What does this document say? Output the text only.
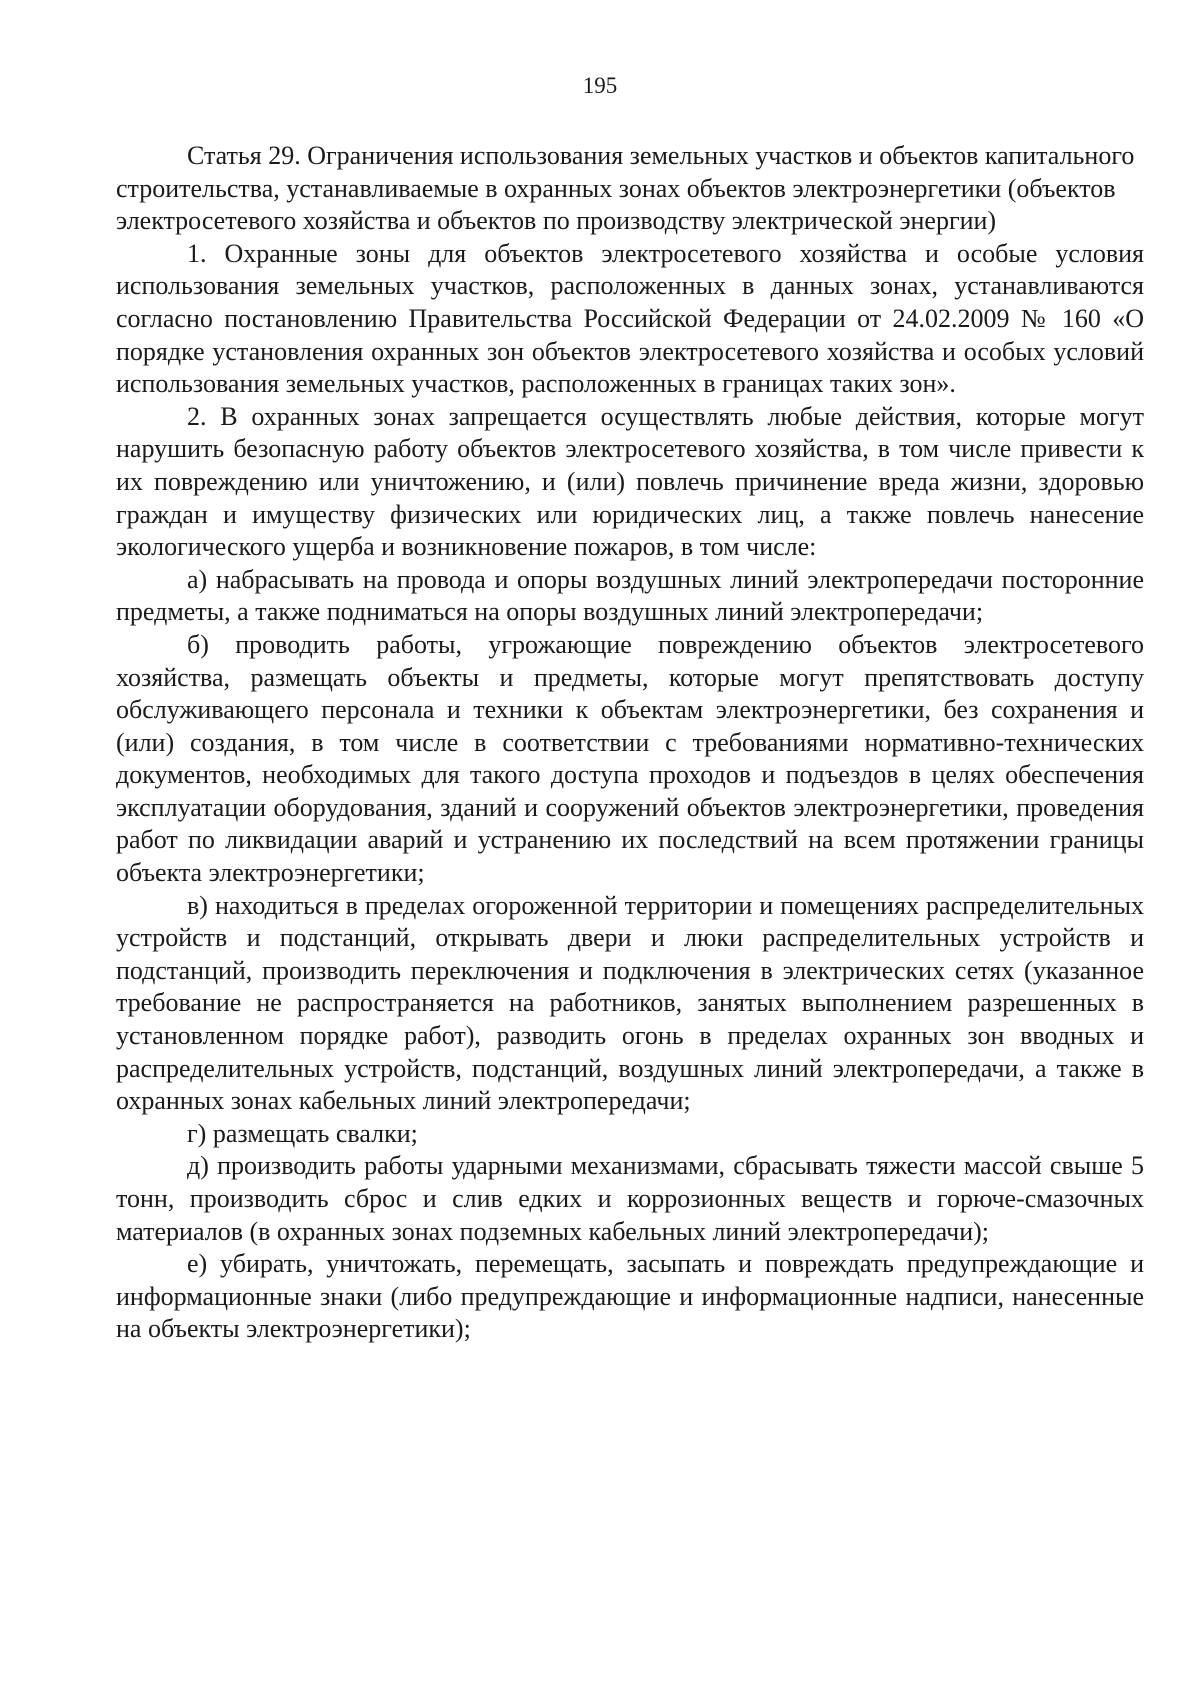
195

Статья 29. Ограничения использования земельных участков и объектов капитального строительства, устанавливаемые в охранных зонах объектов электроэнергетики (объектов электросетевого хозяйства и объектов по производству электрической энергии)

1. Охранные зоны для объектов электросетевого хозяйства и особые условия использования земельных участков, расположенных в данных зонах, устанавливаются согласно постановлению Правительства Российской Федерации от 24.02.2009 № 160 «О порядке установления охранных зон объектов электросетевого хозяйства и особых условий использования земельных участков, расположенных в границах таких зон».

2. В охранных зонах запрещается осуществлять любые действия, которые могут нарушить безопасную работу объектов электросетевого хозяйства, в том числе привести к их повреждению или уничтожению, и (или) повлечь причинение вреда жизни, здоровью граждан и имуществу физических или юридических лиц, а также повлечь нанесение экологического ущерба и возникновение пожаров, в том числе:

а) набрасывать на провода и опоры воздушных линий электропередачи посторонние предметы, а также подниматься на опоры воздушных линий электропередачи;

б) проводить работы, угрожающие повреждению объектов электросетевого хозяйства, размещать объекты и предметы, которые могут препятствовать доступу обслуживающего персонала и техники к объектам электроэнергетики, без сохранения и (или) создания, в том числе в соответствии с требованиями нормативно-технических документов, необходимых для такого доступа проходов и подъездов в целях обеспечения эксплуатации оборудования, зданий и сооружений объектов электроэнергетики, проведения работ по ликвидации аварий и устранению их последствий на всем протяжении границы объекта электроэнергетики;

в) находиться в пределах огороженной территории и помещениях распределительных устройств и подстанций, открывать двери и люки распределительных устройств и подстанций, производить переключения и подключения в электрических сетях (указанное требование не распространяется на работников, занятых выполнением разрешенных в установленном порядке работ), разводить огонь в пределах охранных зон вводных и распределительных устройств, подстанций, воздушных линий электропередачи, а также в охранных зонах кабельных линий электропередачи;

г) размещать свалки;

д) производить работы ударными механизмами, сбрасывать тяжести массой свыше 5 тонн, производить сброс и слив едких и коррозионных веществ и горюче-смазочных материалов (в охранных зонах подземных кабельных линий электропередачи);

е) убирать, уничтожать, перемещать, засыпать и повреждать предупреждающие и информационные знаки (либо предупреждающие и информационные надписи, нанесенные на объекты электроэнергетики);
